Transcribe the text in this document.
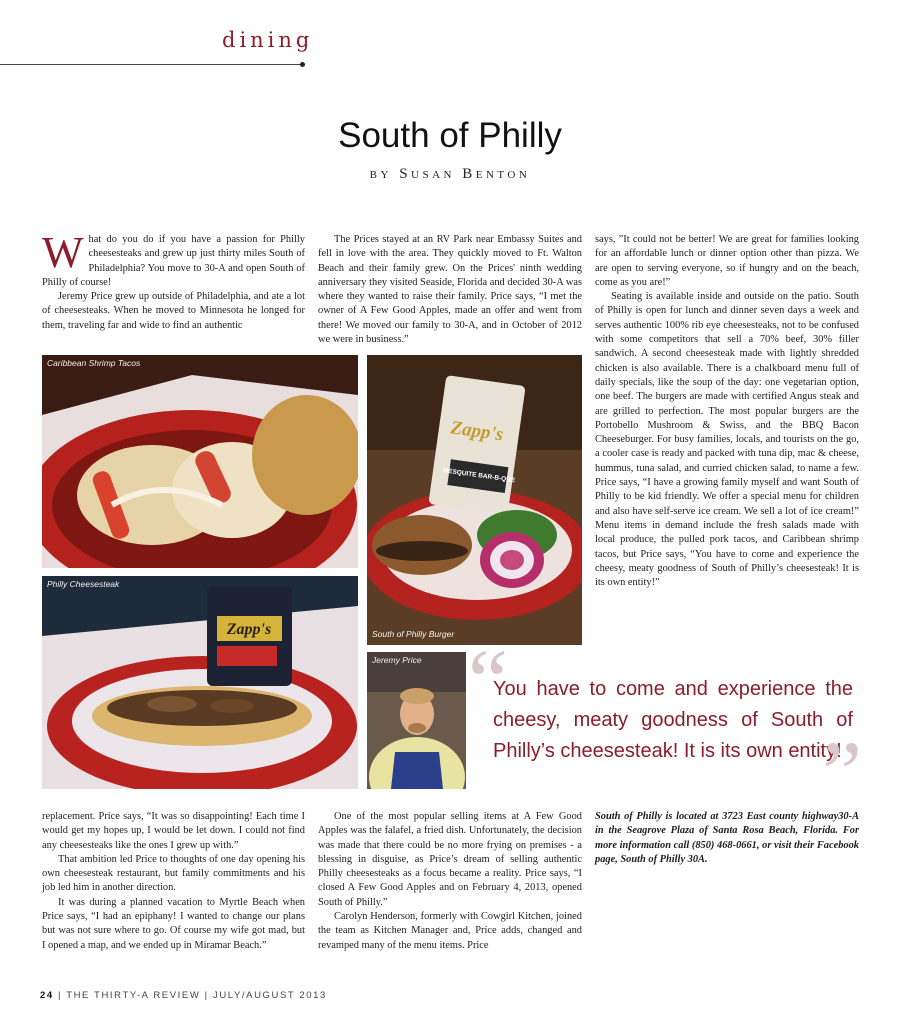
dining
South of Philly
by Susan Benton

What do you do if you have a passion for Philly cheesesteaks and grew up just thirty miles South of Philadelphia? You move to 30-A and open South of Philly of course!

Jeremy Price grew up outside of Philadelphia, and ate a lot of cheesesteaks. When he moved to Minnesota he longed for them, traveling far and wide to find an authentic

The Prices stayed at an RV Park near Embassy Suites and fell in love with the area. They quickly moved to Ft. Walton Beach and their family grew. On the Prices' ninth wedding anniversary they visited Seaside, Florida and decided 30-A was where they wanted to raise their family. Price says, “I met the owner of A Few Good Apples, made an offer and went from there! We moved our family to 30-A, and in October of 2012 we were in business.”

says, ”It could not be better! We are great for families looking for an affordable lunch or dinner option other than pizza. We are open to serving everyone, so if hungry and on the beach, come as you are!”

Seating is available inside and outside on the patio. South of Philly is open for lunch and dinner seven days a week and serves authentic 100% rib eye cheesesteaks, not to be confused with some competitors that sell a 70% beef, 30% filler sandwich. A second cheesesteak made with lightly shredded chicken is also available. There is a chalkboard menu full of daily specials, like the soup of the day: one vegetarian option, one beef. The burgers are made with certified Angus steak and are grilled to perfection. The most popular burgers are the Portobello Mushroom & Swiss, and the BBQ Bacon Cheeseburger. For busy families, locals, and tourists on the go, a cooler case is ready and packed with tuna dip, mac & cheese, hummus, tuna salad, and curried chicken salad, to name a few. Price says, “I have a growing family myself and want South of Philly to be kid friendly. We offer a special menu for children and also have self-serve ice cream. We sell a lot of ice cream!” Menu items in demand include the fresh salads made with local produce, the pulled pork tacos, and Caribbean shrimp tacos, but Price says, “You have to come and experience the cheesy, meaty goodness of South of Philly’s cheesesteak! It is its own entity!”

Caribbean Shrimp Tacos
Zapp's
Philly Cheesesteak
Zapp's
MESQUITE BAR-B-QUE
South of Philly Burger
Jeremy Price “
You have to come and experience the cheesy, meaty goodness of South of Philly’s cheesesteak! It is its own entity!
”

replacement. Price says, “It was so disappointing! Each time I would get my hopes up, I would be let down. I could not find any cheesesteaks like the ones I grew up with.”

That ambition led Price to thoughts of one day opening his own cheesesteak restaurant, but family commitments and his job led him in another direction.

It was during a planned vacation to Myrtle Beach when Price says, “I had an epiphany! I wanted to change our plans but was not sure where to go. Of course my wife got mad, but I opened a map, and we ended up in Miramar Beach.”

One of the most popular selling items at A Few Good Apples was the falafel, a fried dish. Unfortunately, the decision was made that there could be no more frying on premises - a blessing in disguise, as Price’s dream of selling authentic Philly cheesesteaks as a focus became a reality. Price says, “I closed A Few Good Apples and on February 4, 2013, opened South of Philly.”

Carolyn Henderson, formerly with Cowgirl Kitchen, joined the team as Kitchen Manager and, Price adds, changed and revamped many of the menu items. Price

South of Philly is located at 3723 East county highway30-A in the Seagrove Plaza of Santa Rosa Beach, Florida. For more information call (850) 468-0661, or visit their Facebook page, South of Philly 30A.
24 | THE THIRTY-A REVIEW | JULY/AUGUST 2013
